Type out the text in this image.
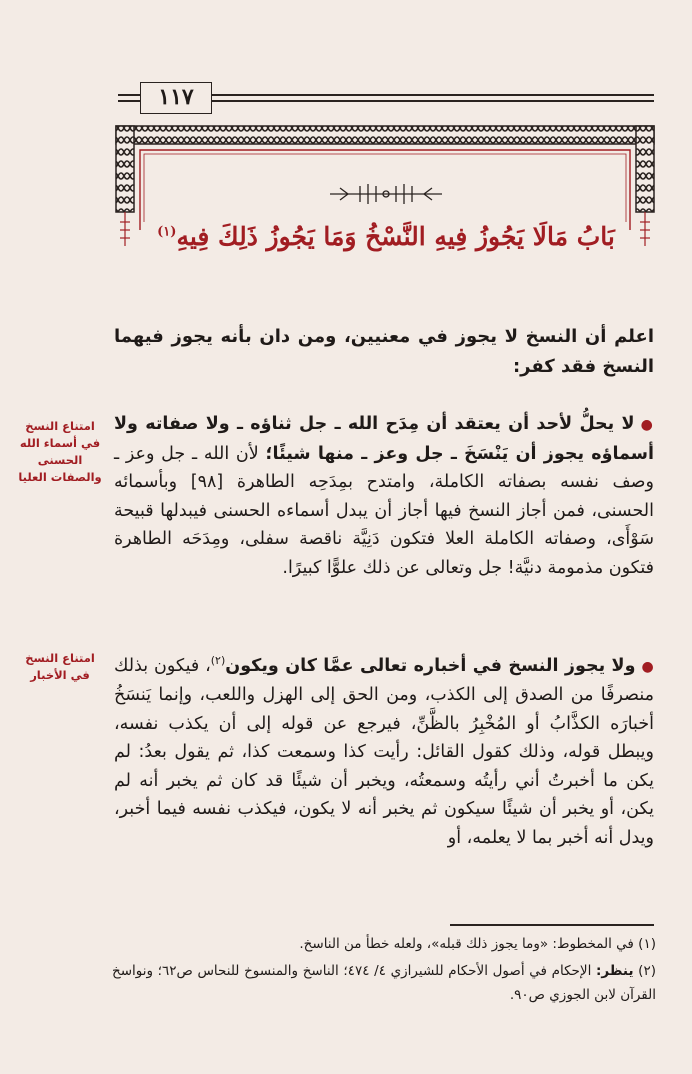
١١٧
بَابُ مَالَا يَجُوزُ فِيهِ النَّسْخُ وَمَا يَجُوزُ ذَلِكَ فِيهِ$^{(١)}$
اعلم أن النسخ لا يجوز في معنيين، ومن دان بأنه يجوز فيهما النسخ فقد كفر:
●لا يحلُّ لأحد أن يعتقد أن مِدَح الله ـ جل ثناؤه ـ ولا صفاته ولا أسماؤه يجوز أن يَنْسَخَ ـ جل وعز ـ منها شيئًا؛ لأن الله ـ جل وعز ـ وصف نفسه بصفاته الكاملة، وامتدح بمِدَحِه الطاهرة [٩٨] وبأسمائه الحسنى، فمن أجاز النسخ فيها أجاز أن يبدل أسماءه الحسنى فيبدلها قبيحة سَوْأَى، وصفاته الكاملة العلا فتكون دَنِيَّة ناقصة سفلى، ومِدَحَه الطاهرة فتكون مذمومة دنيَّة! جل وتعالى عن ذلك علوًّا كبيرًا.
امتناع النسخ في أسماء الله الحسنى والصفات العليا
●ولا يجوز النسخ في أخباره تعالى عمَّا كان ويكون$^{(٢)}$، فيكون بذلك منصرفًا من الصدق إلى الكذب، ومن الحق إلى الهزل واللعب، وإنما يَنسَخُ أخبارَه الكذَّابُ أو المُخْبِرُ بالظَّنِّ، فيرجع عن قوله إلى أن يكذب نفسه، ويبطل قوله، وذلك كقول القائل: رأيت كذا وسمعت كذا، ثم يقول بعدُ: لم يكن ما أخبرتُ أني رأيتُه وسمعتُه، ويخبر أن شيئًا قد كان ثم يخبر أنه لم يكن، أو يخبر أن شيئًا سيكون ثم يخبر أنه لا يكون، فيكذب نفسه فيما أخبر، ويدل أنه أخبر بما لا يعلمه، أو
امتناع النسخ في الأخبار

(١) في المخطوط: «وما يجوز ذلك قبله»، ولعله خطأ من الناسخ.

(٢) ينظر: الإحكام في أصول الأحكام للشيرازي ٤/ ٤٧٤؛ الناسخ والمنسوخ للنحاس ص٦٢؛ ونواسخ القرآن لابن الجوزي ص٩٠.
